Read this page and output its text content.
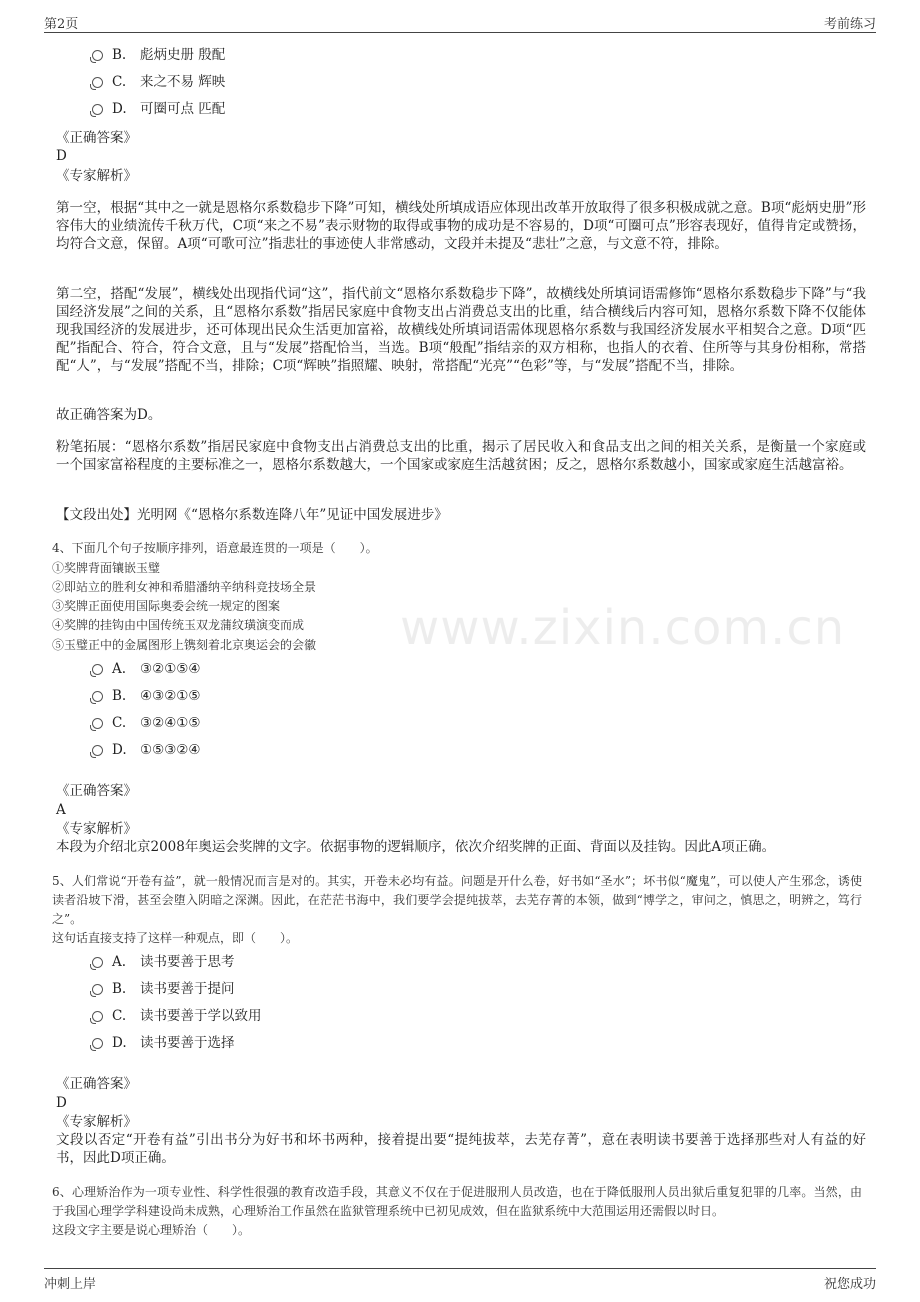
第2页	考前练习
www.zixin.com.cn
B. 彪炳史册 殷配
C. 来之不易 辉映
D. 可圈可点 匹配
《正确答案》
D
《专家解析》
第一空，根据“其中之一就是恩格尔系数稳步下降”可知，横线处所填成语应体现出改革开放取得了很多积极成就之意。B项“彪炳史册”形容伟大的业绩流传千秋万代，C项“来之不易”表示财物的取得或事物的成功是不容易的，D项“可圈可点”形容表现好，值得肯定或赞扬，均符合文意，保留。A项“可歌可泣”指悲壮的事迹使人非常感动，文段并未提及“悲壮”之意，与文意不符，排除。
第二空，搭配“发展”，横线处出现指代词“这”，指代前文“恩格尔系数稳步下降”，故横线处所填词语需修饰“恩格尔系数稳步下降”与“我国经济发展”之间的关系，且“恩格尔系数”指居民家庭中食物支出占消费总支出的比重，结合横线后内容可知，恩格尔系数下降不仅能体现我国经济的发展进步，还可体现出民众生活更加富裕，故横线处所填词语需体现恩格尔系数与我国经济发展水平相契合之意。D项“匹配”指配合、符合，符合文意，且与“发展”搭配恰当，当选。B项“般配”指结亲的双方相称，也指人的衣着、住所等与其身份相称，常搭配“人”，与“发展”搭配不当，排除；C项“辉映”指照耀、映射，常搭配“光亮”“色彩”等，与“发展”搭配不当，排除。
故正确答案为D。
粉笔拓展：“恩格尔系数”指居民家庭中食物支出占消费总支出的比重，揭示了居民收入和食品支出之间的相关关系，是衡量一个家庭或一个国家富裕程度的主要标准之一，恩格尔系数越大，一个国家或家庭生活越贫困；反之，恩格尔系数越小，国家或家庭生活越富裕。
【文段出处】光明网《“恩格尔系数连降八年”见证中国发展进步》
4、下面几个句子按顺序排列，语意最连贯的一项是（　　）。
①奖牌背面镶嵌玉璧
②即站立的胜利女神和希腊潘纳辛纳科竞技场全景
③奖牌正面使用国际奥委会统一规定的图案
④奖牌的挂钩由中国传统玉双龙蒲纹璜演变而成
⑤玉璧正中的金属图形上镌刻着北京奥运会的会徽
A. ③②①⑤④
B. ④③②①⑤
C. ③②④①⑤
D. ①⑤③②④
《正确答案》
A
《专家解析》
本段为介绍北京2008年奥运会奖牌的文字。依据事物的逻辑顺序，依次介绍奖牌的正面、背面以及挂钩。因此A项正确。
5、人们常说“开卷有益”，就一般情况而言是对的。其实，开卷未必均有益。问题是开什么卷，好书如“圣水”；坏书似“魔鬼”，可以使人产生邪念，诱使读者沿坡下滑，甚至会堕入阴暗之深渊。因此，在茫茫书海中，我们要学会提纯拔萃，去芜存菁的本领，做到“博学之，审问之，慎思之，明辨之，笃行之”。
这句话直接支持了这样一种观点，即（　　）。
A. 读书要善于思考
B. 读书要善于提问
C. 读书要善于学以致用
D. 读书要善于选择
《正确答案》
D
《专家解析》
文段以否定“开卷有益”引出书分为好书和坏书两种，接着提出要“提纯拔萃，去芜存菁”，意在表明读书要善于选择那些对人有益的好书，因此D项正确。
6、心理矫治作为一项专业性、科学性很强的教育改造手段，其意义不仅在于促进服刑人员改造，也在于降低服刑人员出狱后重复犯罪的几率。当然，由于我国心理学学科建设尚未成熟，心理矫治工作虽然在监狱管理系统中已初见成效，但在监狱系统中大范围运用还需假以时日。
这段文字主要是说心理矫治（　　）。
冲刺上岸	祝您成功
